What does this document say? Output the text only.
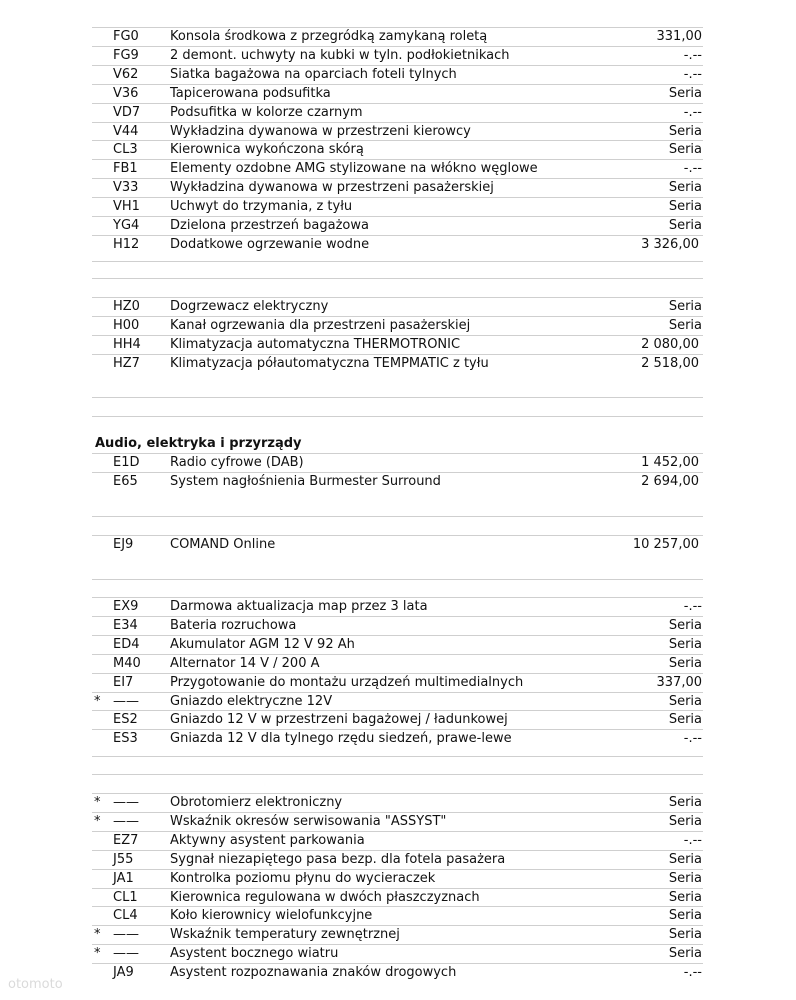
FG0 Konsola środkowa z przegródką zamykaną roletą	331,00
FG9 2 demont. uchwyty na kubki w tyln. podłokietnikach	-.--
V62 Siatka bagażowa na oparciach foteli tylnych	-.--
V36 Tapicerowana podsufitka	Seria
VD7 Podsufitka w kolorze czarnym	-.--
V44 Wykładzina dywanowa w przestrzeni kierowcy	Seria
CL3 Kierownica wykończona skórą	Seria
FB1 Elementy ozdobne AMG stylizowane na włókno węglowe	-.--
V33 Wykładzina dywanowa w przestrzeni pasażerskiej	Seria
VH1 Uchwyt do trzymania, z tyłu	Seria
YG4 Dzielona przestrzeń bagażowa	Seria
H12 Dodatkowe ogrzewanie wodne	3 326,00
HZ0 Dogrzewacz elektryczny	Seria
H00 Kanał ogrzewania dla przestrzeni pasażerskiej	Seria
HH4 Klimatyzacja automatyczna THERMOTRONIC	2 080,00
HZ7 Klimatyzacja półautomatyczna TEMPMATIC z tyłu	2 518,00
Audio, elektryka i przyrządy
E1D Radio cyfrowe (DAB)	1 452,00
E65 System nagłośnienia Burmester Surround	2 694,00
EJ9	COMAND Online	10 257,00
EX9 Darmowa aktualizacja map przez 3 lata	-.--
E34 Bateria rozruchowa	Seria
ED4 Akumulator AGM 12 V 92 Ah	Seria
M40 Alternator 14 V / 200 A	Seria
EI7	Przygotowanie do montażu urządzeń multimedialnych	337,00
* —— Gniazdo elektryczne 12V	Seria
ES2 Gniazdo 12 V w przestrzeni bagażowej / ładunkowej	Seria
ES3 Gniazda 12 V dla tylnego rzędu siedzeń, prawe-lewe	-.--
* —— Obrotomierz elektroniczny	Seria
* —— Wskaźnik okresów serwisowania "ASSYST"	Seria
EZ7 Aktywny asystent parkowania	-.--
J55	Sygnał niezapiętego pasa bezp. dla fotela pasażera	Seria
JA1	Kontrolka poziomu płynu do wycieraczek	Seria
CL1 Kierownica regulowana w dwóch płaszczyznach	Seria
CL4 Koło kierownicy wielofunkcyjne	Seria
* —— Wskaźnik temperatury zewnętrznej	Seria
* —— Asystent bocznego wiatru	Seria
JA9	Asystent rozpoznawania znaków drogowych	-.--
otomoto
